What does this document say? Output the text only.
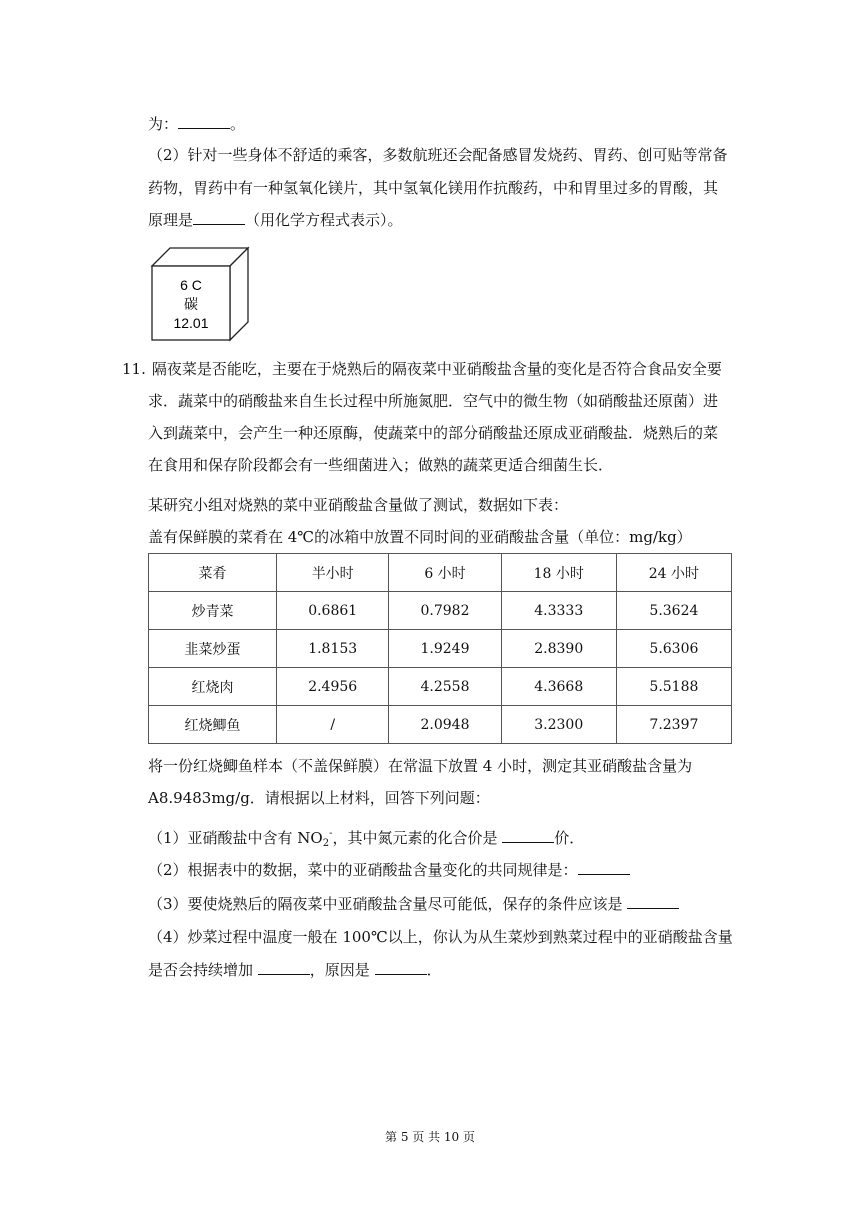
为：	。
（2）针对一些身体不舒适的乘客，多数航班还会配备感冒发烧药、胃药、创可贴等常备
药物，胃药中有一种氢氧化镁片，其中氢氧化镁用作抗酸药，中和胃里过多的胃酸，其
原理是	（用化学方程式表示）。
6 C
碳
12.01
11. 隔夜菜是否能吃，主要在于烧熟后的隔夜菜中亚硝酸盐含量的变化是否符合食品安全要
求．蔬菜中的硝酸盐来自生长过程中所施氮肥．空气中的微生物（如硝酸盐还原菌）进
入到蔬菜中，会产生一种还原酶，使蔬菜中的部分硝酸盐还原成亚硝酸盐．烧熟后的菜
在食用和保存阶段都会有一些细菌进入；做熟的蔬菜更适合细菌生长．
某研究小组对烧熟的菜中亚硝酸盐含量做了测试，数据如下表：
盖有保鲜膜的菜肴在 4℃的冰箱中放置不同时间的亚硝酸盐含量（单位：mg/kg）
菜肴	半小时	6 小时	18 小时	24 小时
炒青菜	0.6861	0.7982	4.3333	5.3624
韭菜炒蛋	1.8153	1.9249	2.8390	5.6306
红烧肉	2.4956	4.2558	4.3668	5.5188
红烧鲫鱼	/	2.0948	3.2300	7.2397
将一份红烧鲫鱼样本（不盖保鲜膜）在常温下放置 4 小时，测定其亚硝酸盐含量为
A8.9483mg/g．请根据以上材料，回答下列问题：
（1）亚硝酸盐中含有 $NO_2^-$，其中氮元素的化合价是	价．
（2）根据表中的数据，菜中的亚硝酸盐含量变化的共同规律是：
（3）要使烧熟后的隔夜菜中亚硝酸盐含量尽可能低，保存的条件应该是
（4）炒菜过程中温度一般在 100℃以上，你认为从生菜炒到熟菜过程中的亚硝酸盐含量
是否会持续增加	，原因是	．
第 5 页 共 10 页
